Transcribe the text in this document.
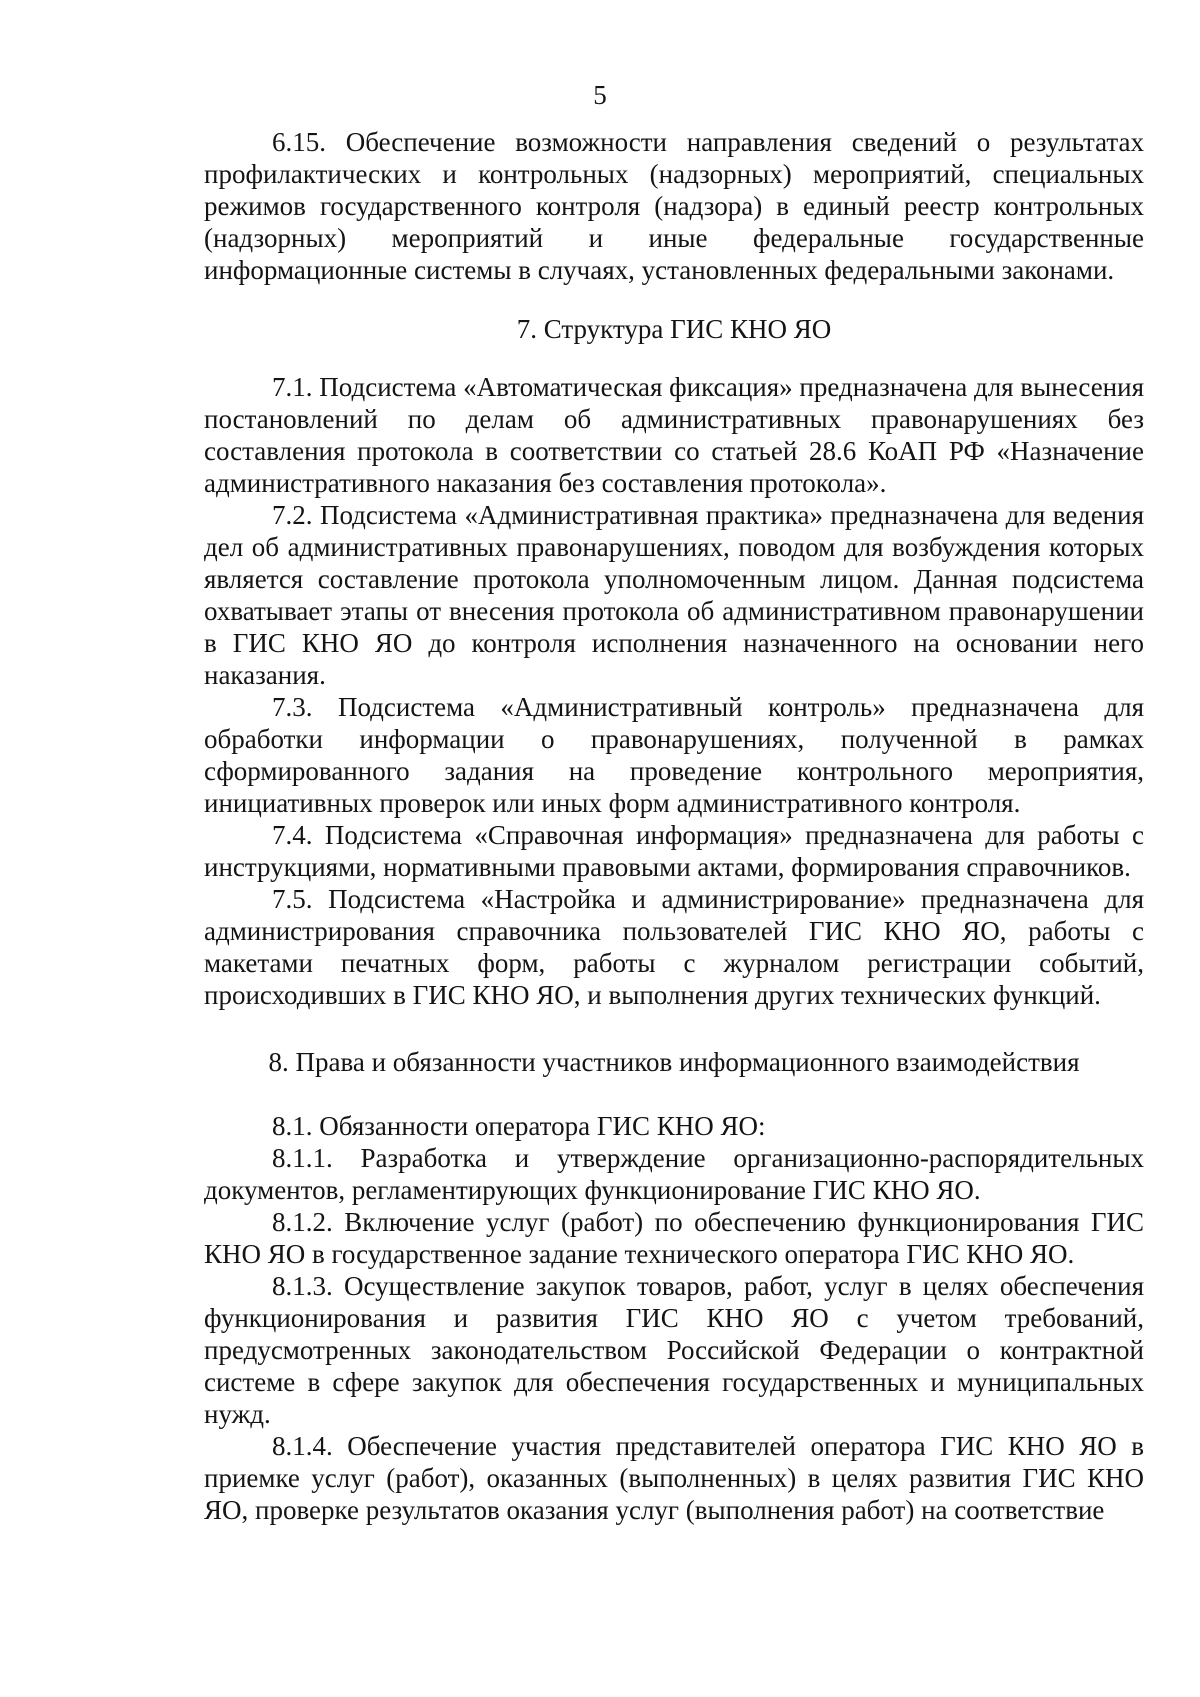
5

6.15. Обеспечение возможности направления сведений о результатах профилактических и контрольных (надзорных) мероприятий, специальных режимов государственного контроля (надзора) в единый реестр контрольных (надзорных) мероприятий и иные федеральные государственные информационные системы в случаях, установленных федеральными законами.

7. Структура ГИС КНО ЯО

7.1. Подсистема «Автоматическая фиксация» предназначена для вынесения постановлений по делам об административных правонарушениях без составления протокола в соответствии со статьей 28.6 КоАП РФ «Назначение административного наказания без составления протокола».

7.2. Подсистема «Административная практика» предназначена для ведения дел об административных правонарушениях, поводом для возбуждения которых является составление протокола уполномоченным лицом. Данная подсистема охватывает этапы от внесения протокола об административном правонарушении в ГИС КНО ЯО до контроля исполнения назначенного на основании него наказания.

7.3. Подсистема «Административный контроль» предназначена для обработки информации о правонарушениях, полученной в рамках сформированного задания на проведение контрольного мероприятия, инициативных проверок или иных форм административного контроля.

7.4. Подсистема «Справочная информация» предназначена для работы с инструкциями, нормативными правовыми актами, формирования справочников.

7.5. Подсистема «Настройка и администрирование» предназначена для администрирования справочника пользователей ГИС КНО ЯО, работы с макетами печатных форм, работы с журналом регистрации событий, происходивших в ГИС КНО ЯО, и выполнения других технических функций.

8. Права и обязанности участников информационного взаимодействия

8.1. Обязанности оператора ГИС КНО ЯО:

8.1.1. Разработка и утверждение организационно-распорядительных документов, регламентирующих функционирование ГИС КНО ЯО.

8.1.2. Включение услуг (работ) по обеспечению функционирования ГИС КНО ЯО в государственное задание технического оператора ГИС КНО ЯО.

8.1.3. Осуществление закупок товаров, работ, услуг в целях обеспечения функционирования и развития ГИС КНО ЯО с учетом требований, предусмотренных законодательством Российской Федерации о контрактной системе в сфере закупок для обеспечения государственных и муниципальных нужд.

8.1.4. Обеспечение участия представителей оператора ГИС КНО ЯО в приемке услуг (работ), оказанных (выполненных) в целях развития ГИС КНО ЯО, проверке результатов оказания услуг (выполнения работ) на соответствие
